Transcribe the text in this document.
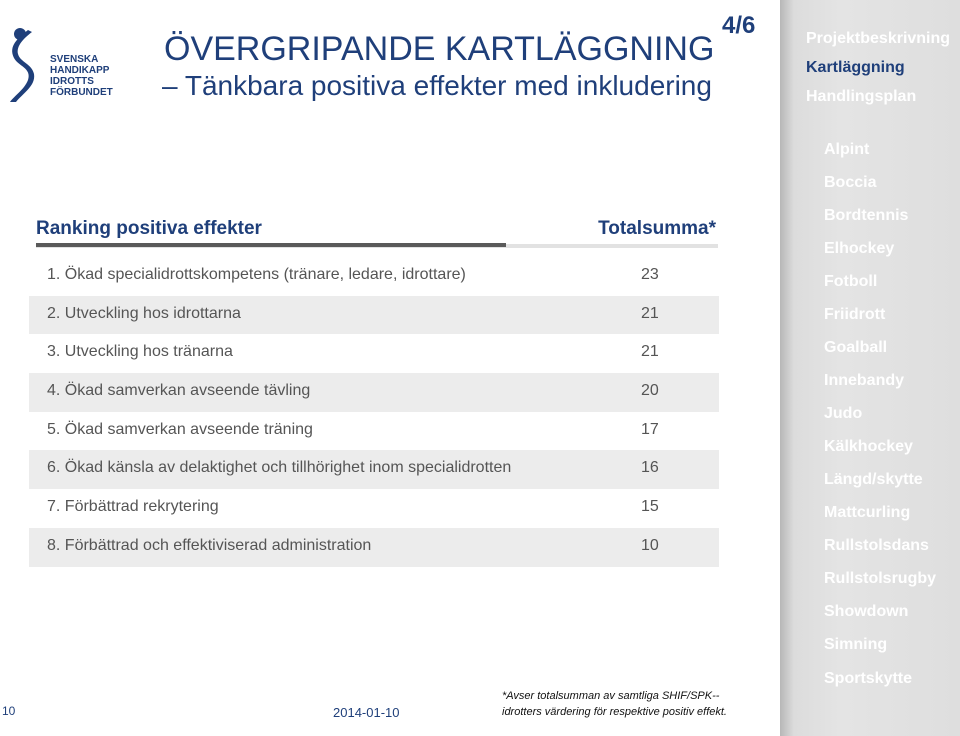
SVENSKA
HANDIKAPP
IDROTTS
FÖRBUNDET
4/6
ÖVERGRIPANDE KARTLÄGGNING
– Tänkbara positiva effekter med inkludering
Ranking positiva effekter	Totalsumma*
1. Ökad specialidrottskompetens (tränare, ledare, idrottare)	23
2. Utveckling hos idrottarna	21
3. Utveckling hos tränarna	21
4. Ökad samverkan avseende tävling	20
5. Ökad samverkan avseende träning	17
6. Ökad känsla av delaktighet och tillhörighet inom specialidrotten	16
7. Förbättrad rekrytering	15
8. Förbättrad och effektiviserad administration	10
10	2014-01-10
*Avser totalsumman av samtliga SHIF/SPK--
idrotters värdering för respektive positiv effekt.
Projektbeskrivning
Kartläggning
Handlingsplan
Alpint
Boccia
Bordtennis
Elhockey
Fotboll
Friidrott
Goalball
Innebandy
Judo
Kälkhockey
Längd/skytte
Mattcurling
Rullstolsdans
Rullstolsrugby
Showdown
Simning
Sportskytte
